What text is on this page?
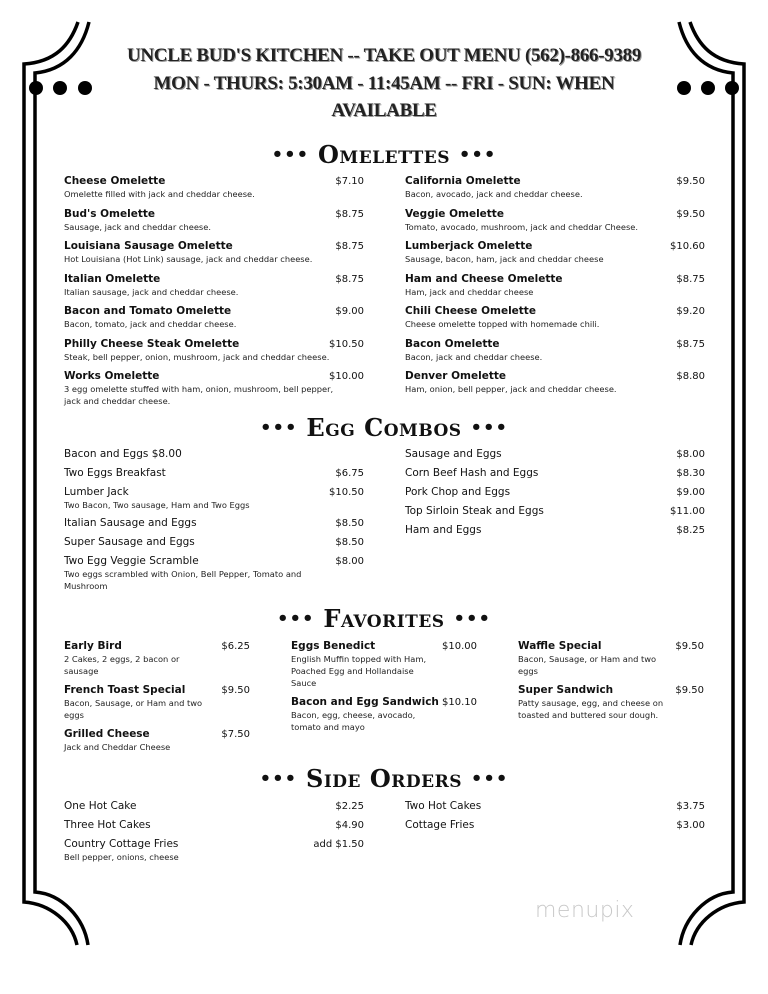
UNCLE BUD'S KITCHEN -- TAKE OUT MENU (562)-866-9389
MON - THURS: 5:30AM - 11:45AM -- FRI - SUN: WHEN
AVAILABLE
••• Omelettes •••
Cheese Omelette	$7.10
Omelette filled with jack and cheddar cheese.
Bud's Omelette	$8.75
Sausage, jack and cheddar cheese.
Louisiana Sausage Omelette	$8.75
Hot Louisiana (Hot Link) sausage, jack and cheddar cheese.
Italian Omelette	$8.75
Italian sausage, jack and cheddar cheese.
Bacon and Tomato Omelette	$9.00
Bacon, tomato, jack and cheddar cheese.
Philly Cheese Steak Omelette	$10.50
Steak, bell pepper, onion, mushroom, jack and cheddar cheese.
Works Omelette	$10.00
3 egg omelette stuffed with ham, onion, mushroom, bell pepper, jack and cheddar cheese.
California Omelette	$9.50
Bacon, avocado, jack and cheddar cheese.
Veggie Omelette	$9.50
Tomato, avocado, mushroom, jack and cheddar Cheese.
Lumberjack Omelette	$10.60
Sausage, bacon, ham, jack and cheddar cheese
Ham and Cheese Omelette	$8.75
Ham, jack and cheddar cheese
Chili Cheese Omelette	$9.20
Cheese omelette topped with homemade chili.
Bacon Omelette	$8.75
Bacon, jack and cheddar cheese.
Denver Omelette	$8.80
Ham, onion, bell pepper, jack and cheddar cheese.
••• Egg Combos •••
Bacon and Eggs $8.00
Two Eggs Breakfast	$6.75
Lumber Jack	$10.50
Two Bacon, Two sausage, Ham and Two Eggs
Italian Sausage and Eggs	$8.50
Super Sausage and Eggs	$8.50
Two Egg Veggie Scramble	$8.00
Two eggs scrambled with Onion, Bell Pepper, Tomato and Mushroom
Sausage and Eggs	$8.00
Corn Beef Hash and Eggs	$8.30
Pork Chop and Eggs	$9.00
Top Sirloin Steak and Eggs	$11.00
Ham and Eggs	$8.25
••• Favorites •••
Early Bird	$6.25
2 Cakes, 2 eggs, 2 bacon or sausage
French Toast Special	$9.50
Bacon, Sausage, or Ham and two eggs
Grilled Cheese	$7.50
Jack and Cheddar Cheese
Eggs Benedict	$10.00
English Muffin topped with Ham, Poached Egg and Hollandaise Sauce
Bacon and Egg Sandwich $10.10
Bacon, egg, cheese, avocado, tomato and mayo
Waffle Special	$9.50
Bacon, Sausage, or Ham and two eggs
Super Sandwich	$9.50
Patty sausage, egg, and cheese on toasted and buttered sour dough.
••• Side Orders •••
One Hot Cake	$2.25
Three Hot Cakes	$4.90
Country Cottage Fries	add $1.50
Bell pepper, onions, cheese
Two Hot Cakes	$3.75
Cottage Fries	$3.00
menupix
